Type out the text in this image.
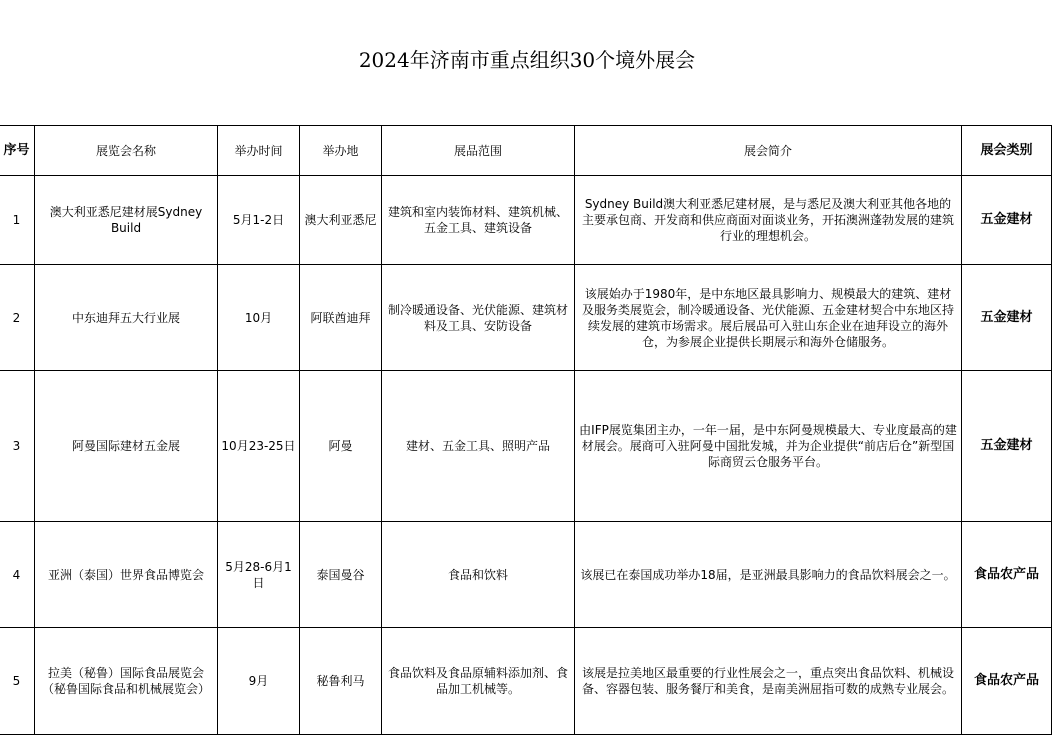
2024年济南市重点组织30个境外展会
序号	展览会名称	举办时间	举办地	展品范围	展会简介	展会类别
1	澳大利亚悉尼建材展Sydney Build	5月1-2日	澳大利亚悉尼	建筑和室内装饰材料、建筑机械、五金工具、建筑设备	Sydney Build澳大利亚悉尼建材展，是与悉尼及澳大利亚其他各地的主要承包商、开发商和供应商面对面谈业务，开拓澳洲蓬勃发展的建筑行业的理想机会。	五金建材
2	中东迪拜五大行业展	10月	阿联酋迪拜	制冷暖通设备、光伏能源、建筑材料及工具、安防设备	该展始办于1980年，是中东地区最具影响力、规模最大的建筑、建材及服务类展览会，制冷暖通设备、光伏能源、五金建材契合中东地区持续发展的建筑市场需求。展后展品可入驻山东企业在迪拜设立的海外仓，为参展企业提供长期展示和海外仓储服务。	五金建材
3	阿曼国际建材五金展	10月23-25日	阿曼	建材、五金工具、照明产品	由IFP展览集团主办，一年一届，是中东阿曼规模最大、专业度最高的建材展会。展商可入驻阿曼中国批发城，并为企业提供“前店后仓”新型国际商贸云仓服务平台。	五金建材
4	亚洲（泰国）世界食品博览会	5月28-6月1日	泰国曼谷	食品和饮料	该展已在泰国成功举办18届，是亚洲最具影响力的食品饮料展会之一。	食品农产品
5	拉美（秘鲁）国际食品展览会（秘鲁国际食品和机械展览会）	9月	秘鲁利马	食品饮料及食品原辅料添加剂、食品加工机械等。	该展是拉美地区最重要的行业性展会之一，重点突出食品饮料、机械设备、容器包装、服务餐厅和美食，是南美洲屈指可数的成熟专业展会。	食品农产品
